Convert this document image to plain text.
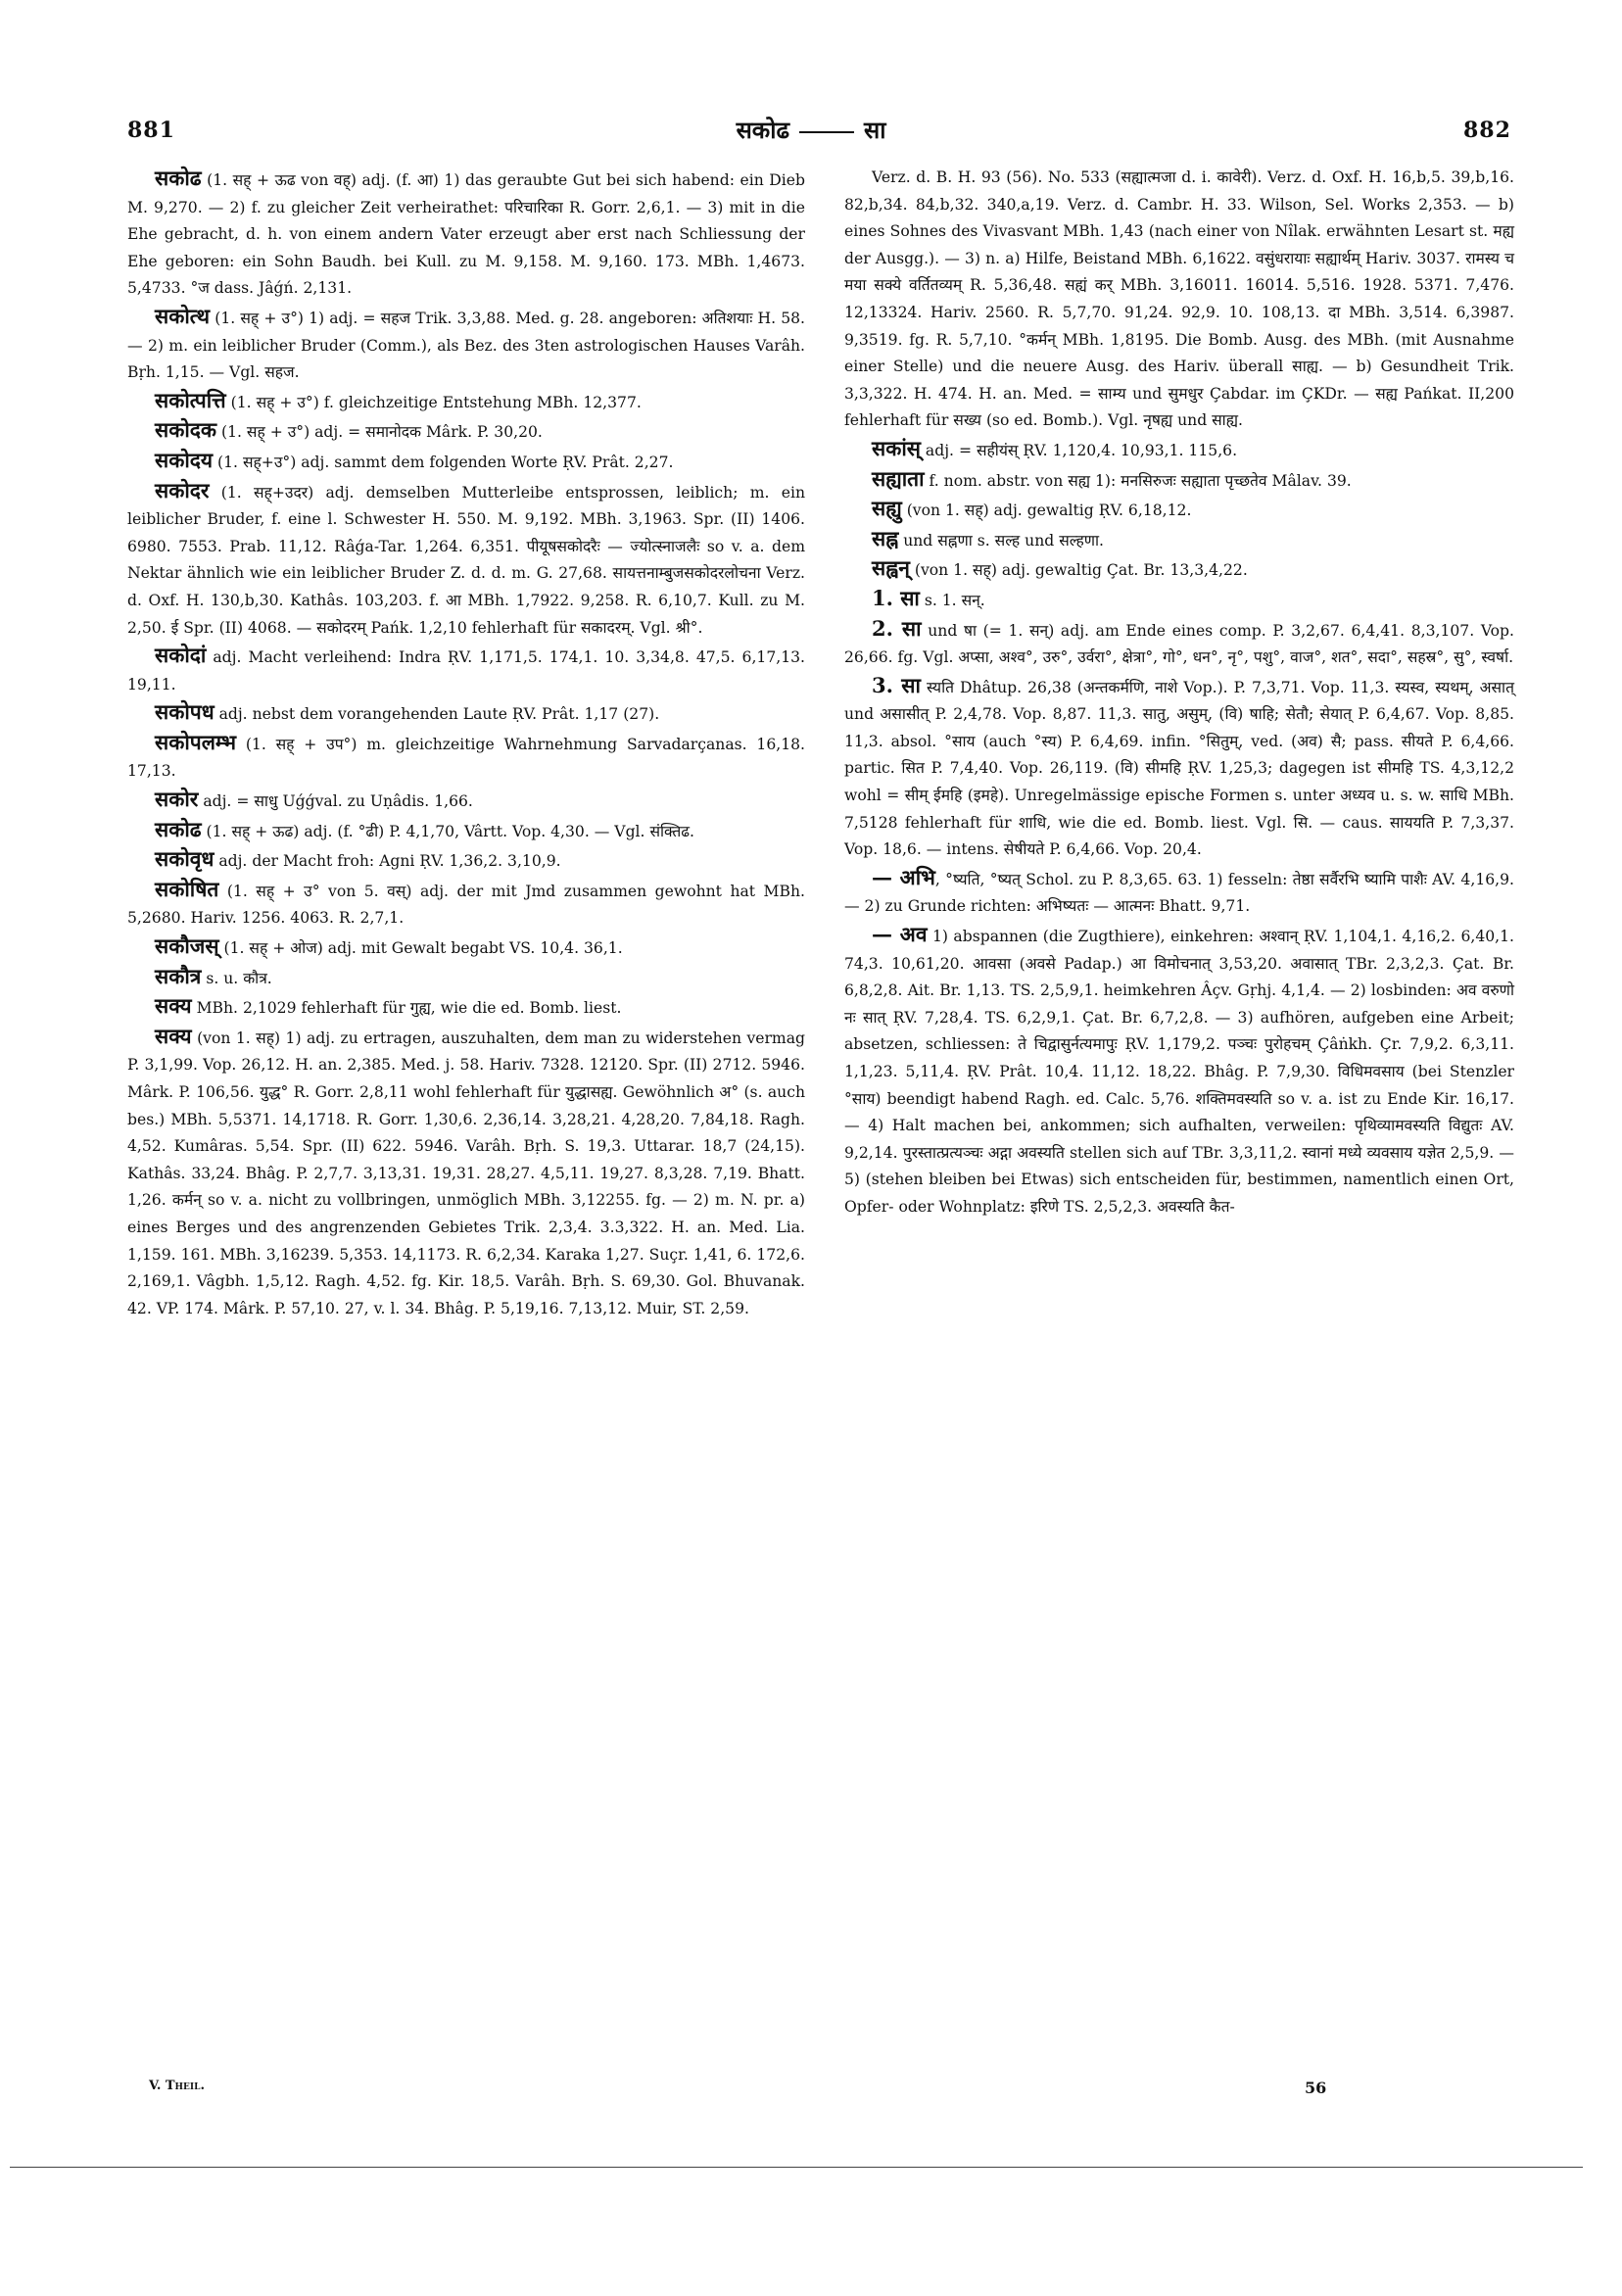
881	सकोढ	सा	882

सकोढ (1. सह् + ऊढ von वह्) adj. (f. आ) 1) das geraubte Gut bei sich habend: ein Dieb M. 9,270. — 2) f. zu gleicher Zeit verheirathet: परिचारिका R. Gorr. 2,6,1. — 3) mit in die Ehe gebracht, d. h. von einem andern Vater erzeugt aber erst nach Schliessung der Ehe geboren: ein Sohn Baudh. bei Kull. zu M. 9,158. M. 9,160. 173. MBh. 1,4673. 5,4733. °ज dass. Jâǵń. 2,131.

सकोत्थ (1. सह् + उ°) 1) adj. = सहज Trik. 3,3,88. Med. g. 28. angeboren: अतिशयाः H. 58. — 2) m. ein leiblicher Bruder (Comm.), als Bez. des 3ten astrologischen Hauses Varâh. Bṛh. 1,15. — Vgl. सहज.

सकोत्पत्ति (1. सह् + उ°) f. gleichzeitige Entstehung MBh. 12,377.

सकोदक (1. सह् + उ°) adj. = समानोदक Mârk. P. 30,20.

सकोदय (1. सह्+उ°) adj. sammt dem folgenden Worte ṚV. Prât. 2,27.

सकोदर (1. सह्+उदर) adj. demselben Mutterleibe entsprossen, leiblich; m. ein leiblicher Bruder, f. eine l. Schwester H. 550. M. 9,192. MBh. 3,1963. Spr. (II) 1406. 6980. 7553. Prab. 11,12. Râǵa-Tar. 1,264. 6,351. पीयूषसकोदरैः — ज्योत्स्नाजलैः so v. a. dem Nektar ähnlich wie ein leiblicher Bruder Z. d. d. m. G. 27,68. सायत्तनाम्बुजसकोदरलोचना Verz. d. Oxf. H. 130,b,30. Kathâs. 103,203. f. आ MBh. 1,7922. 9,258. R. 6,10,7. Kull. zu M. 2,50. ई Spr. (II) 4068. — सकोदरम् Pańk. 1,2,10 fehlerhaft für सकादरम्. Vgl. श्री°.

सकोदां adj. Macht verleihend: Indra ṚV. 1,171,5. 174,1. 10. 3,34,8. 47,5. 6,17,13. 19,11.

सकोपध adj. nebst dem vorangehenden Laute ṚV. Prât. 1,17 (27).

सकोपलम्भ (1. सह् + उप°) m. gleichzeitige Wahrnehmung Sarvadarçanas. 16,18. 17,13.

सकोर adj. = साधु Uǵǵval. zu Uṇâdis. 1,66.

सकोढ (1. सह् + ऊढ) adj. (f. °ढी) P. 4,1,70, Vârtt. Vop. 4,30. — Vgl. संक्तिढ.

सकोवृध adj. der Macht froh: Agni ṚV. 1,36,2. 3,10,9.

सकोषित (1. सह् + उ° von 5. वस्) adj. der mit Jmd zusammen gewohnt hat MBh. 5,2680. Hariv. 1256. 4063. R. 2,7,1.

सकौजस् (1. सह् + ओज) adj. mit Gewalt begabt VS. 10,4. 36,1.

सकौत्र s. u. कौत्र.

सक्य MBh. 2,1029 fehlerhaft für गुह्य, wie die ed. Bomb. liest.

सक्य (von 1. सह्) 1) adj. zu ertragen, auszuhalten, dem man zu widerstehen vermag P. 3,1,99. Vop. 26,12. H. an. 2,385. Med. j. 58. Hariv. 7328. 12120. Spr. (II) 2712. 5946. Mârk. P. 106,56. युद्ध° R. Gorr. 2,8,11 wohl fehlerhaft für युद्धासह्य. Gewöhnlich अ° (s. auch bes.) MBh. 5,5371. 14,1718. R. Gorr. 1,30,6. 2,36,14. 3,28,21. 4,28,20. 7,84,18. Ragh. 4,52. Kumâras. 5,54. Spr. (II) 622. 5946. Varâh. Bṛh. S. 19,3. Uttarar. 18,7 (24,15). Kathâs. 33,24. Bhâg. P. 2,7,7. 3,13,31. 19,31. 28,27. 4,5,11. 19,27. 8,3,28. 7,19. Bhatt. 1,26. कर्मन् so v. a. nicht zu vollbringen, unmöglich MBh. 3,12255. fg. — 2) m. N. pr. a) eines Berges und des angrenzenden Gebietes Trik. 2,3,4. 3.3,322. H. an. Med. Lia. 1,159. 161. MBh. 3,16239. 5,353. 14,1173. R. 6,2,34. Karaka 1,27. Suçr. 1,41, 6. 172,6. 2,169,1. Vâgbh. 1,5,12. Ragh. 4,52. fg. Kir. 18,5. Varâh. Bṛh. S. 69,30. Gol. Bhuvanak. 42. VP. 174. Mârk. P. 57,10. 27, v. l. 34. Bhâg. P. 5,19,16. 7,13,12. Muir, ST. 2,59.

Verz. d. B. H. 93 (56). No. 533 (सह्यात्मजा d. i. कावेरी). Verz. d. Oxf. H. 16,b,5. 39,b,16. 82,b,34. 84,b,32. 340,a,19. Verz. d. Cambr. H. 33. Wilson, Sel. Works 2,353. — b) eines Sohnes des Vivasvant MBh. 1,43 (nach einer von Nîlak. erwähnten Lesart st. मह्य der Ausgg.). — 3) n. a) Hilfe, Beistand MBh. 6,1622. वसुंधरायाः सह्यार्थम् Hariv. 3037. रामस्य च मया सक्ये वर्तितव्यम् R. 5,36,48. सह्यं कर् MBh. 3,16011. 16014. 5,516. 1928. 5371. 7,476. 12,13324. Hariv. 2560. R. 5,7,70. 91,24. 92,9. 10. 108,13. दा MBh. 3,514. 6,3987. 9,3519. fg. R. 5,7,10. °कर्मन् MBh. 1,8195. Die Bomb. Ausg. des MBh. (mit Ausnahme einer Stelle) und die neuere Ausg. des Hariv. überall साह्य. — b) Gesundheit Trik. 3,3,322. H. 474. H. an. Med. = साम्य und सुमधुर Çabdar. im ÇKDr. — सह्य Pańkat. II,200 fehlerhaft für सख्य (so ed. Bomb.). Vgl. नृषह्य und साह्य.

सकांस् adj. = सहीयंस् ṚV. 1,120,4. 10,93,1. 115,6.

सह्याता f. nom. abstr. von सह्य 1): मनसिरुजः सह्याता पृच्छतेव Mâlav. 39.

सह्यु (von 1. सह्) adj. gewaltig ṚV. 6,18,12.

सह्न und सह्नणा s. सल्ह und सल्हणा.

सह्वन् (von 1. सह्) adj. gewaltig Çat. Br. 13,3,4,22.

1. सा s. 1. सन्.

2. सा und षा (= 1. सन्) adj. am Ende eines comp. P. 3,2,67. 6,4,41. 8,3,107. Vop. 26,66. fg. Vgl. अप्सा, अश्व°, उरु°, उर्वरा°, क्षेत्रा°, गो°, धन°, नृ°, पशु°, वाज°, शत°, सदा°, सहस्र°, सु°, स्वर्षा.

3. सा स्यति Dhâtup. 26,38 (अन्तकर्मणि, नाशे Vop.). P. 7,3,71. Vop. 11,3. स्यस्व, स्यथम्, असात् und असासीत् P. 2,4,78. Vop. 8,87. 11,3. सातु, असुम्, (वि) षाहि; सेतौ; सेयात् P. 6,4,67. Vop. 8,85. 11,3. absol. °साय (auch °स्य) P. 6,4,69. infin. °सितुम्, ved. (अव) सै; pass. सीयते P. 6,4,66. partic. सित P. 7,4,40. Vop. 26,119. (वि) सीमहि ṚV. 1,25,3; dagegen ist सीमहि TS. 4,3,12,2 wohl = सीम् ईमहि (इमहे). Unregelmässige epische Formen s. unter अध्यव u. s. w. साधि MBh. 7,5128 fehlerhaft für शाधि, wie die ed. Bomb. liest. Vgl. सि. — caus. साययति P. 7,3,37. Vop. 18,6. — intens. सेषीयते P. 6,4,66. Vop. 20,4.

— अभि, °ष्यति, °ष्यत् Schol. zu P. 8,3,65. 63. 1) fesseln: तेष्ठा सर्वैरभि ष्यामि पाशैः AV. 4,16,9. — 2) zu Grunde richten: अभिष्यतः — आत्मनः Bhatt. 9,71.

— अव 1) abspannen (die Zugthiere), einkehren: अश्वान् ṚV. 1,104,1. 4,16,2. 6,40,1. 74,3. 10,61,20. आवसा (अवसे Padap.) आ विमोचनात् 3,53,20. अवासात् TBr. 2,3,2,3. Çat. Br. 6,8,2,8. Ait. Br. 1,13. TS. 2,5,9,1. heimkehren Âçv. Gṛhj. 4,1,4. — 2) losbinden: अव वरुणो नः सात् ṚV. 7,28,4. TS. 6,2,9,1. Çat. Br. 6,7,2,8. — 3) aufhören, aufgeben eine Arbeit; absetzen, schliessen: ते चिद्वासुर्नत्यमापुः ṚV. 1,179,2. पञ्चः पुरोहचम् Çâṅkh. Çr. 7,9,2. 6,3,11. 1,1,23. 5,11,4. ṚV. Prât. 10,4. 11,12. 18,22. Bhâg. P. 7,9,30. विधिमवसाय (bei Stenzler °साय) beendigt habend Ragh. ed. Calc. 5,76. शक्तिमवस्यति so v. a. ist zu Ende Kir. 16,17. — 4) Halt machen bei, ankommen; sich aufhalten, verweilen: पृथिव्यामवस्यति विद्युतः AV. 9,2,14. पुरस्तात्प्रत्यञ्चः अद्गा अवस्यति stellen sich auf TBr. 3,3,11,2. स्वानां मध्ये व्यवसाय यज्ञेत 2,5,9. — 5) (stehen bleiben bei Etwas) sich entscheiden für, bestimmen, namentlich einen Ort, Opfer- oder Wohnplatz: इरिणे TS. 2,5,2,3. अवस्यति कैत-

V. Theil.	56
